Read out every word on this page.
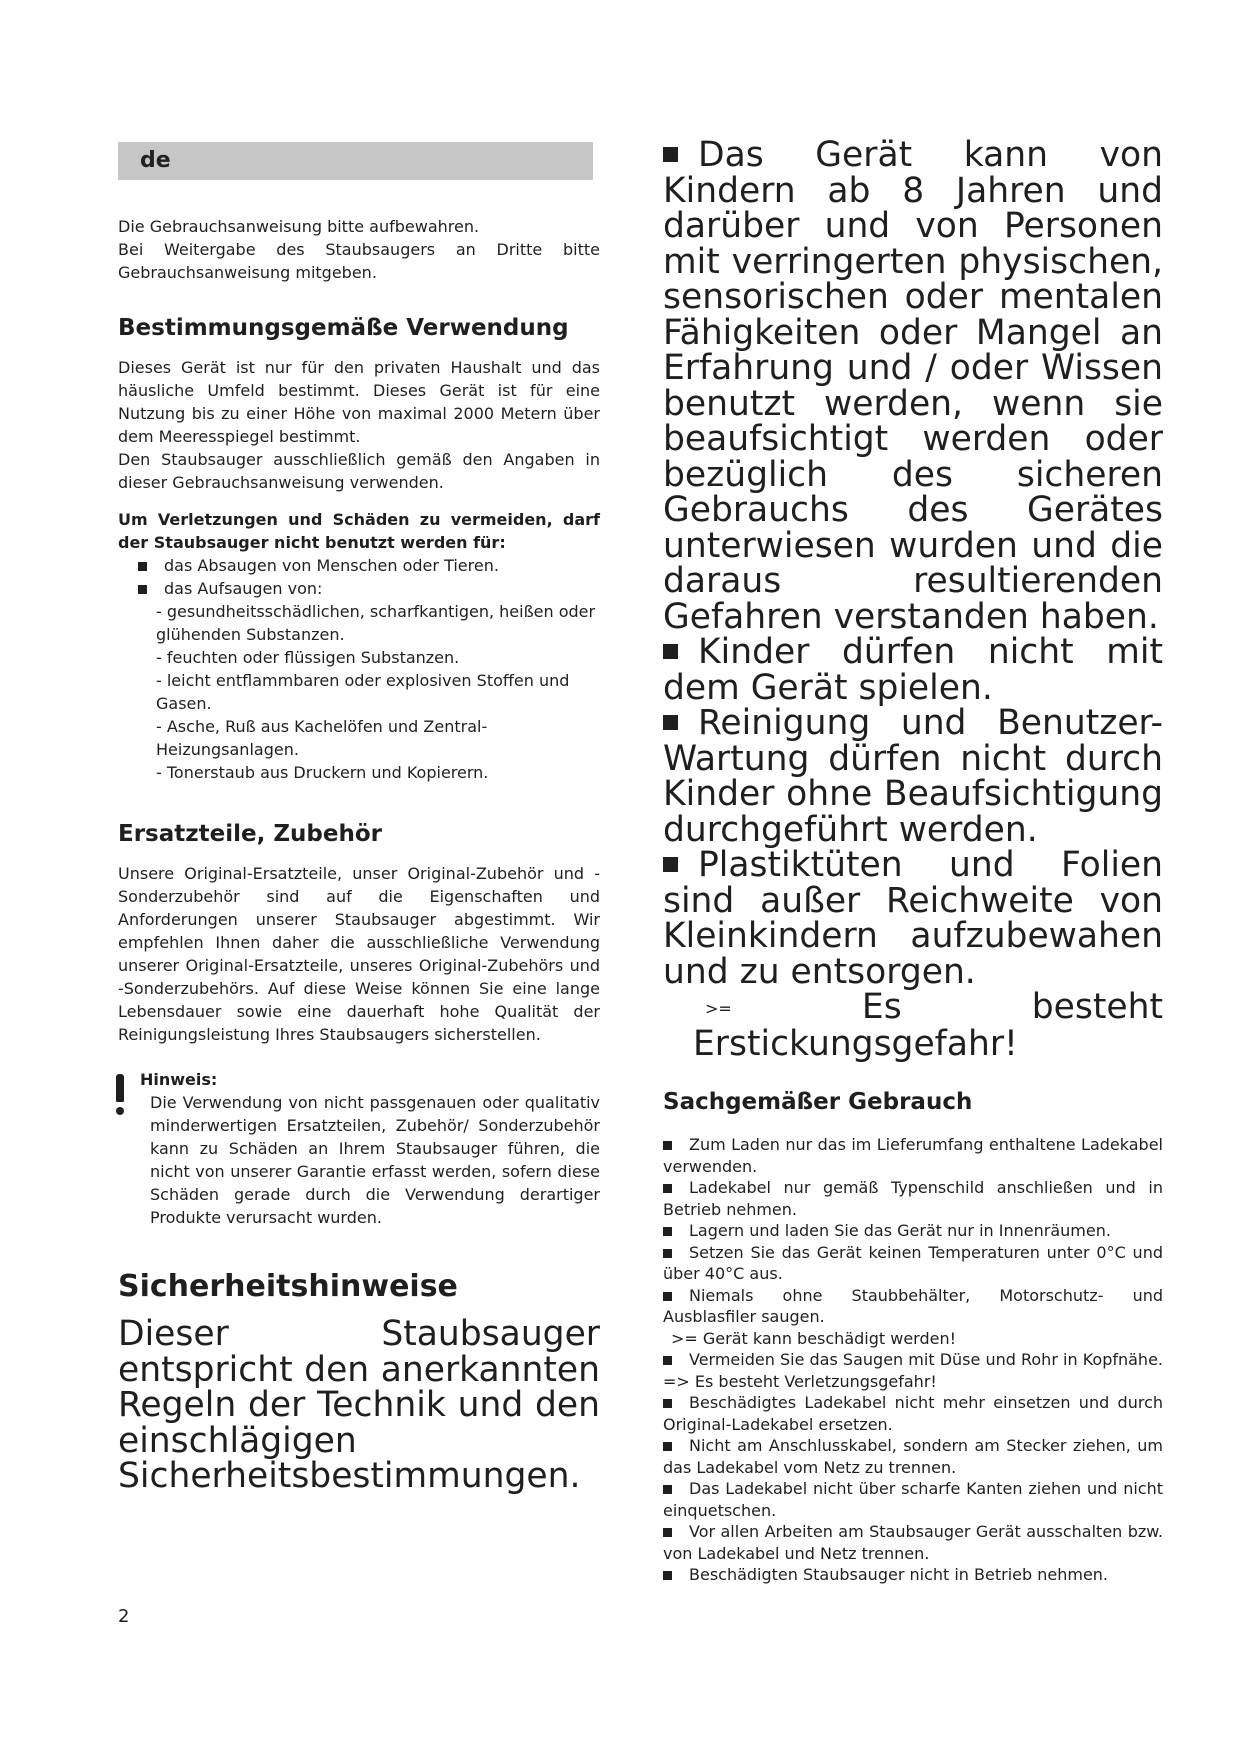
de

Die Gebrauchsanweisung bitte aufbewahren.

Bei Weitergabe des Staubsaugers an Dritte bitte Gebrauchsanweisung mitgeben.

Bestimmungsgemäße Verwendung

Dieses Gerät ist nur für den privaten Haushalt und das häusliche Umfeld bestimmt. Dieses Gerät ist für eine Nutzung bis zu einer Höhe von maximal 2000 Metern über dem Meeresspiegel bestimmt.

Den Staubsauger ausschließlich gemäß den Angaben in dieser Gebrauchsanweisung verwenden.

Um Verletzungen und Schäden zu vermeiden, darf der Staubsauger nicht benutzt werden für:

das Absaugen von Menschen oder Tieren.
das Aufsaugen von:
- gesundheitsschädlichen, scharfkantigen, heißen oder glühenden Substanzen.
- feuchten oder flüssigen Substanzen.
- leicht entflammbaren oder explosiven Stoffen und Gasen.
- Asche, Ruß aus Kachelöfen und Zentral- Heizungsanlagen.
- Tonerstaub aus Druckern und Kopierern.
Ersatzteile, Zubehör

Unsere Original-Ersatzteile, unser Original-Zubehör und -Sonderzubehör sind auf die Eigenschaften und Anforderungen unserer Staubsauger abgestimmt. Wir empfehlen Ihnen daher die ausschließliche Verwendung unserer Original-Ersatzteile, unseres Original-Zubehörs und -Sonderzubehörs. Auf diese Weise können Sie eine lange Lebensdauer sowie eine dauerhaft hohe Qualität der Reinigungsleistung Ihres Staubsaugers sicherstellen.

Hinweis:

Die Verwendung von nicht passgenauen oder qualitativ minderwertigen Ersatzteilen, Zubehör/ Sonderzubehör kann zu Schäden an Ihrem Staubsauger führen, die nicht von unserer Garantie erfasst werden, sofern diese Schäden gerade durch die Verwendung derartiger Produkte verursacht wurden.

Sicherheitshinweise

Dieser Staubsauger entspricht den anerkannten Regeln der Technik und den einschlägigen Sicherheitsbestimmungen.

Das Gerät kann von Kindern ab 8 Jahren und darüber und von Personen mit verringerten physischen, sensorischen oder mentalen Fähigkeiten oder Mangel an Erfahrung und / oder Wissen benutzt werden, wenn sie beaufsichtigt werden oder bezüglich des sicheren Gebrauchs des Gerätes unterwiesen wurden und die daraus resultierenden Gefahren verstanden haben.
Kinder dürfen nicht mit dem Gerät spielen.
Reinigung und Benutzer-Wartung dürfen nicht durch Kinder ohne Beaufsichtigung durchgeführt werden.
Plastiktüten und Folien sind außer Reichweite von Kleinkindern aufzubewahen und zu entsorgen.
>=	Es besteht Erstickungsgefahr!
Sachgemäßer Gebrauch
Zum Laden nur das im Lieferumfang enthaltene Ladekabel verwenden.
Ladekabel nur gemäß Typenschild anschließen und in Betrieb nehmen.
Lagern und laden Sie das Gerät nur in Innenräumen.
Setzen Sie das Gerät keinen Temperaturen unter 0°C und über 40°C aus.
Niemals ohne Staubbehälter, Motorschutz- und Ausblasfiler saugen.
>= Gerät kann beschädigt werden!
Vermeiden Sie das Saugen mit Düse und Rohr in Kopfnähe. => Es besteht Verletzungsgefahr!
Beschädigtes Ladekabel nicht mehr einsetzen und durch Original-Ladekabel ersetzen.
Nicht am Anschlusskabel, sondern am Stecker ziehen, um das Ladekabel vom Netz zu trennen.
Das Ladekabel nicht über scharfe Kanten ziehen und nicht einquetschen.
Vor allen Arbeiten am Staubsauger Gerät ausschalten bzw. von Ladekabel und Netz trennen.
Beschädigten Staubsauger nicht in Betrieb nehmen.
2
